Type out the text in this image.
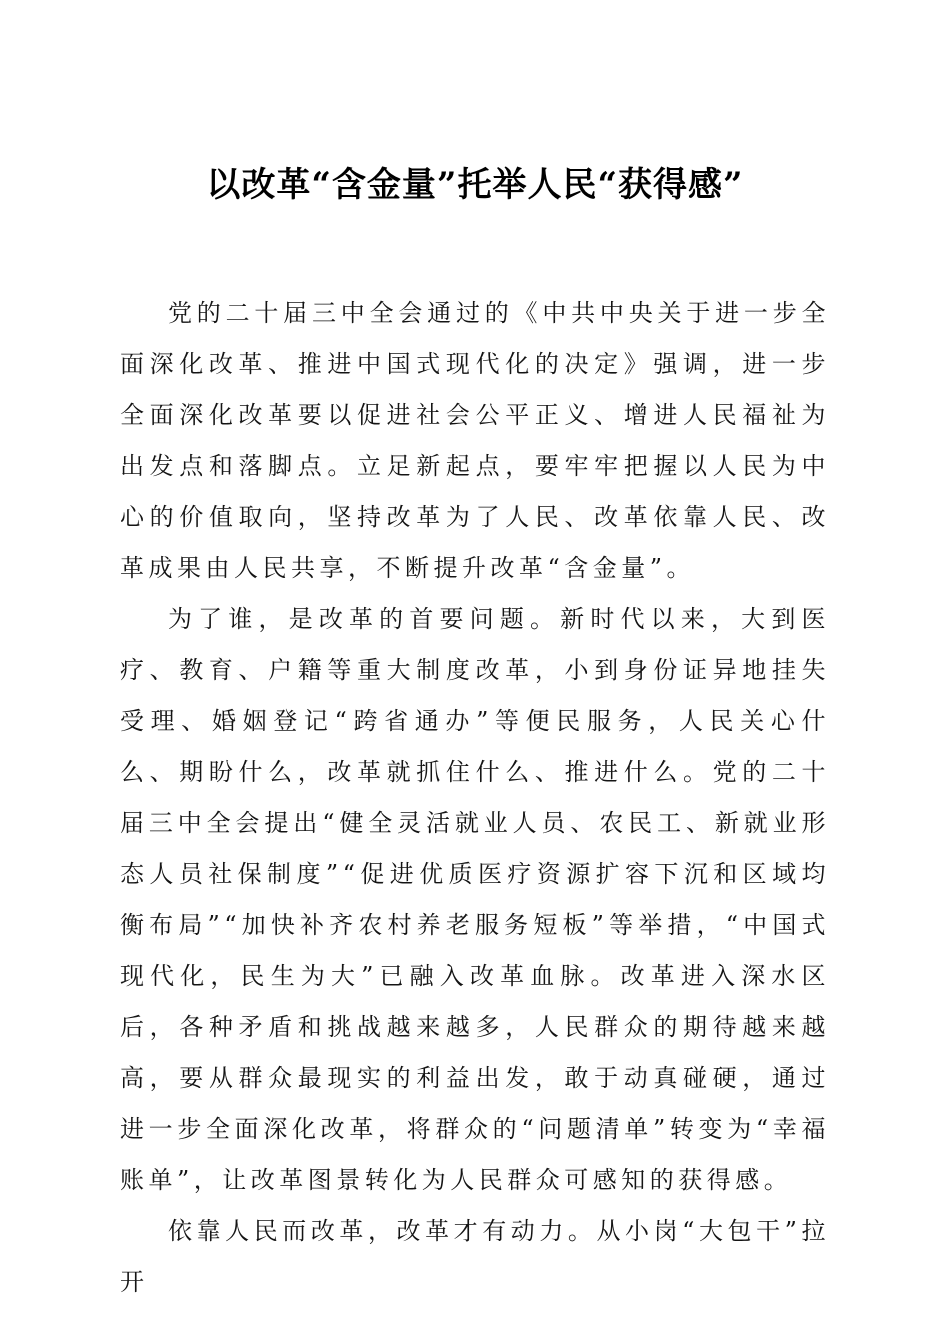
以改革“含金量”托举人民“获得感”

党的二十届三中全会通过的《中共中央关于进一步全面深化改革、推进中国式现代化的决定》强调，进一步全面深化改革要以促进社会公平正义、增进人民福祉为出发点和落脚点。立足新起点，要牢牢把握以人民为中心的价值取向，坚持改革为了人民、改革依靠人民、改革成果由人民共享，不断提升改革“含金量”。

为了谁，是改革的首要问题。新时代以来，大到医疗、教育、户籍等重大制度改革，小到身份证异地挂失受理、婚姻登记“跨省通办”等便民服务，人民关心什么、期盼什么，改革就抓住什么、推进什么。党的二十届三中全会提出“健全灵活就业人员、农民工、新就业形态人员社保制度”“促进优质医疗资源扩容下沉和区域均衡布局”“加快补齐农村养老服务短板”等举措，“中国式现代化，民生为大”已融入改革血脉。改革进入深水区后，各种矛盾和挑战越来越多，人民群众的期待越来越高，要从群众最现实的利益出发，敢于动真碰硬，通过进一步全面深化改革，将群众的“问题清单”转变为“幸福账单”，让改革图景转化为人民群众可感知的获得感。

依靠人民而改革，改革才有动力。从小岗“大包干”拉开
